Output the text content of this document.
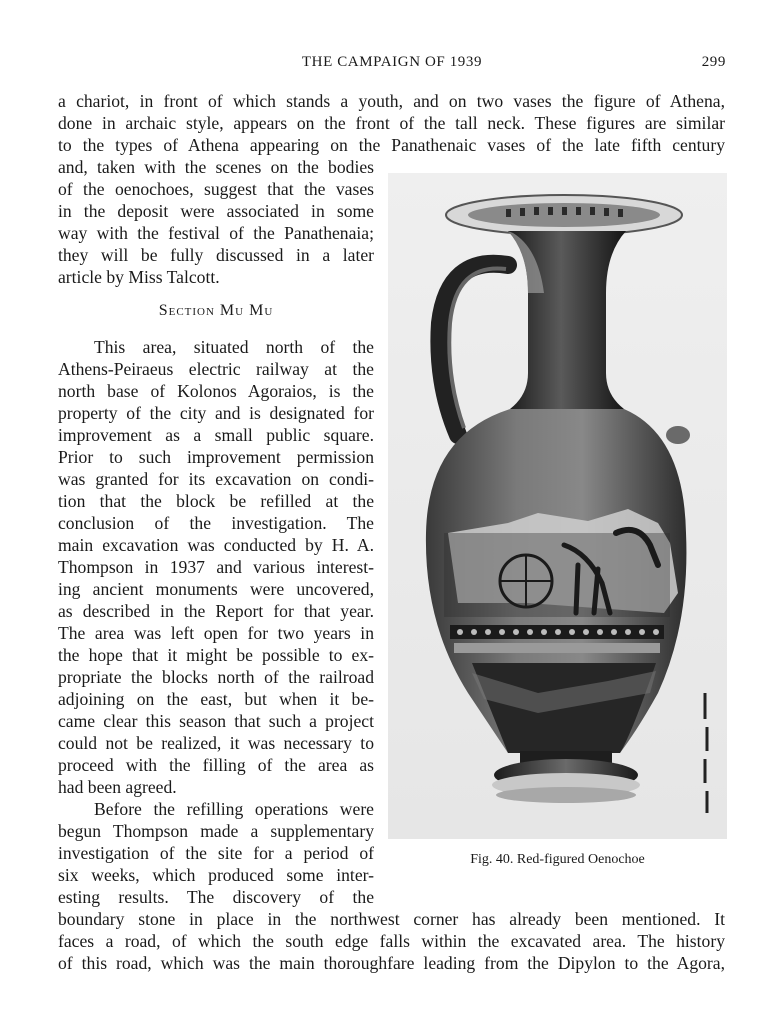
THE CAMPAIGN OF 1939	299
a chariot, in front of which stands a youth, and on two vases the figure of Athena,
done in archaic style, appears on the front of the tall neck. These figures are similar
to the types of Athena appearing on the Panathenaic vases of the late fifth century
and, taken with the scenes on the bodies
of the oenochoes, suggest that the vases
in the deposit were associated in some
way with the festival of the Panathenaia;
they will be fully discussed in a later
article by Miss Talcott.
Section Mu Mu
This area, situated north of the
Athens-Peiraeus electric railway at the
north base of Kolonos Agoraios, is the
property of the city and is designated for
improvement as a small public square.
Prior to such improvement permission
was granted for its excavation on condi-
tion that the block be refilled at the
conclusion of the investigation. The
main excavation was conducted by H. A.
Thompson in 1937 and various interest-
ing ancient monuments were uncovered,
as described in the Report for that year.
The area was left open for two years in
the hope that it might be possible to ex-
propriate the blocks north of the railroad
adjoining on the east, but when it be-
came clear this season that such a project
could not be realized, it was necessary to
proceed with the filling of the area as
had been agreed.
Before the refilling operations were
begun Thompson made a supplementary
investigation of the site for a period of
six weeks, which produced some inter-
esting results. The discovery of the
boundary stone in place in the northwest corner has already been mentioned. It
faces a road, of which the south edge falls within the excavated area. The history
of this road, which was the main thoroughfare leading from the Dipylon to the Agora,
Fig. 40. Red-figured Oenochoe
